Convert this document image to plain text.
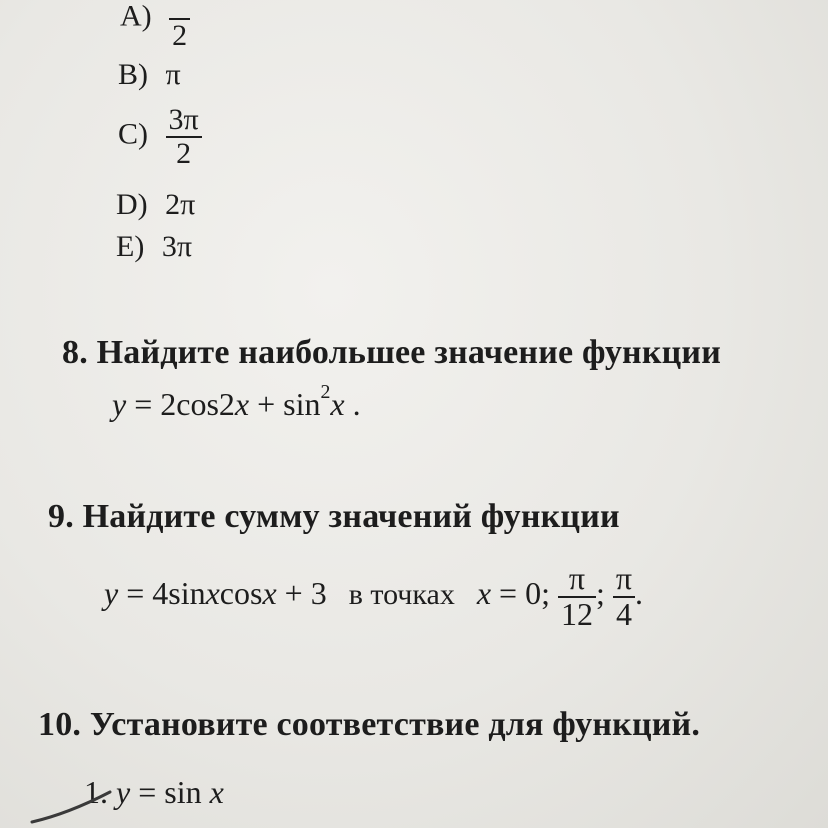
A)

2
B) π
$C) \frac{3\pi}{2}$
D) 2π
E) 3π
8. Найдите наибольшее значение функции
$y = 2\cos 2x + \sin^2x$ .
9. Найдите сумму значений функции
y = 4sinxcosx + 3 в точках x = 0; $\frac{\pi}{12}$ ; $\frac{\pi}{4}$ .
10. Установите соответствие для функций.
1. y = sin x
